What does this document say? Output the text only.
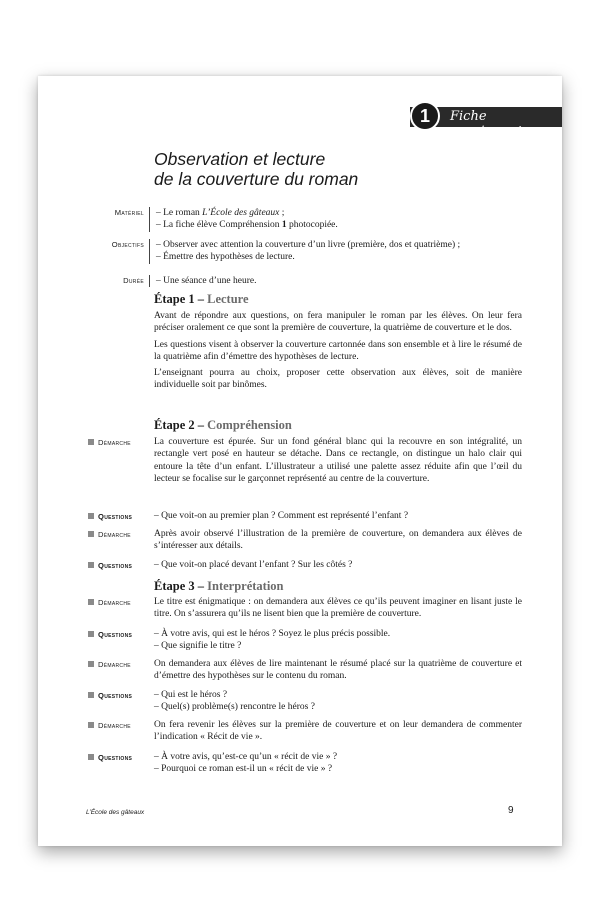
1	Fiche enseignant
Observation et lecture
de la couverture du roman
Matériel – Le roman L’École des gâteaux ;
– La fiche élève Compréhension 1 photocopiée.
Objectifs – Observer avec attention la couverture d’un livre (première, dos et quatrième) ;
– Émettre des hypothèses de lecture.
Durée – Une séance d’une heure.
Étape 1 – Lecture

Avant de répondre aux questions, on fera manipuler le roman par les élèves. On leur fera préciser oralement ce que sont la première de couverture, la quatrième de couverture et le dos.

Les questions visent à observer la couverture cartonnée dans son ensemble et à lire le résumé de la quatrième afin d’émettre des hypothèses de lecture.

L’enseignant pourra au choix, proposer cette observation aux élèves, soit de manière individuelle soit par binômes.

Étape 2 – Compréhension
Démarche La couverture est épurée. Sur un fond général blanc qui la recouvre en son intégralité, un rectangle vert posé en hauteur se détache. Dans ce rectangle, on distingue un halo clair qui entoure la tête d’un enfant. L’illustrateur a utilisé une palette assez réduite afin que l’œil du lecteur se focalise sur le garçonnet représenté au centre de la couverture.
Questions – Que voit-on au premier plan ? Comment est représenté l’enfant ?
Démarche Après avoir observé l’illustration de la première de couverture, on demandera aux élèves de s’intéresser aux détails.
Questions – Que voit-on placé devant l’enfant ? Sur les côtés ?
Étape 3 – Interprétation
Démarche Le titre est énigmatique : on demandera aux élèves ce qu’ils peuvent imaginer en lisant juste le titre. On s’assurera qu’ils ne lisent bien que la première de couverture.
Questions – À votre avis, qui est le héros ? Soyez le plus précis possible.
– Que signifie le titre ?
Démarche On demandera aux élèves de lire maintenant le résumé placé sur la quatrième de couverture et d’émettre des hypothèses sur le contenu du roman.
Questions – Qui est le héros ?
– Quel(s) problème(s) rencontre le héros ?
Démarche On fera revenir les élèves sur la première de couverture et on leur demandera de commenter l’indication « Récit de vie ».
Questions – À votre avis, qu’est-ce qu’un « récit de vie » ?
– Pourquoi ce roman est-il un « récit de vie » ?
L’École des gâteaux	9
